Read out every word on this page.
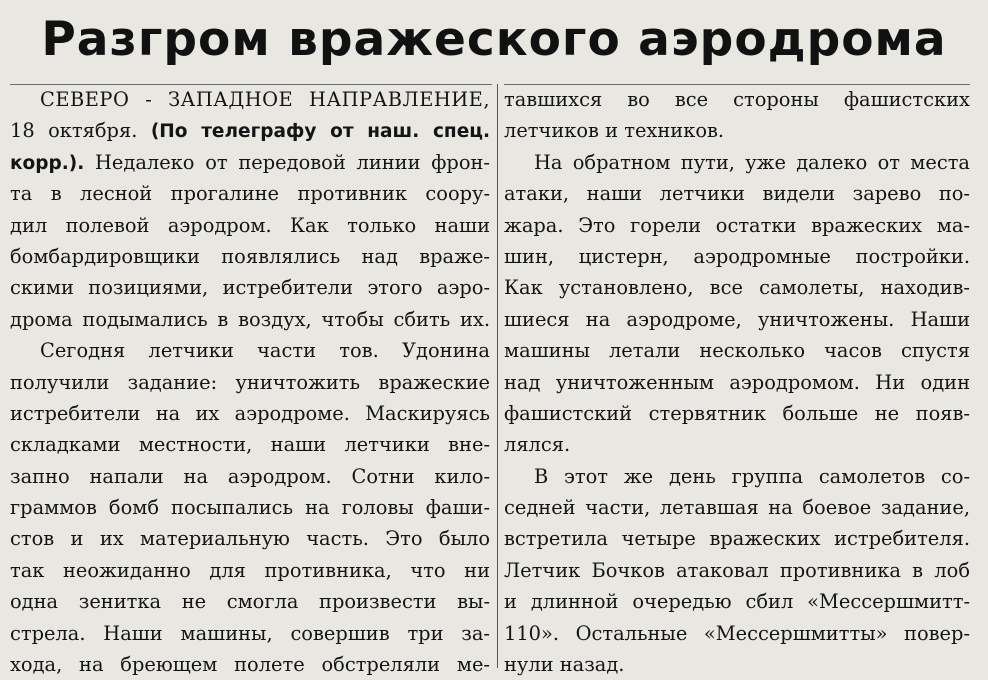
Разгром вражеского аэродрома
СЕВЕРО - ЗАПАДНОЕ НАПРАВЛЕНИЕ,
18 октября. (По телеграфу от наш. спец.
корр.). Недалеко от передовой линии фрон-
та в лесной прогалине противник соору-
дил полевой аэродром. Как только наши
бомбардировщики появлялись над враже-
скими позициями, истребители этого аэро-
дрома подымались в воздух, чтобы сбить их.
Сегодня летчики части тов. Удонина
получили задание: уничтожить вражеские
истребители на их аэродроме. Маскируясь
складками местности, наши летчики вне-
запно напали на аэродром. Сотни кило-
граммов бомб посыпались на головы фаши-
стов и их материальную часть. Это было
так неожиданно для противника, что ни
одна зенитка не смогла произвести вы-
стрела. Наши машины, совершив три за-
хода, на бреющем полете обстреляли ме-
тавшихся во все стороны фашистских
летчиков и техников.
На обратном пути, уже далеко от места
атаки, наши летчики видели зарево по-
жара. Это горели остатки вражеских ма-
шин, цистерн, аэродромные постройки.
Как установлено, все самолеты, находив-
шиеся на аэродроме, уничтожены. Наши
машины летали несколько часов спустя
над уничтоженным аэродромом. Ни один
фашистский стервятник больше не появ-
лялся.
В этот же день группа самолетов со-
седней части, летавшая на боевое задание,
встретила четыре вражеских истребителя.
Летчик Бочков атаковал противника в лоб
и длинной очередью сбил «Мессершмитт-
110». Остальные «Мессершмитты» повер-
нули назад.
